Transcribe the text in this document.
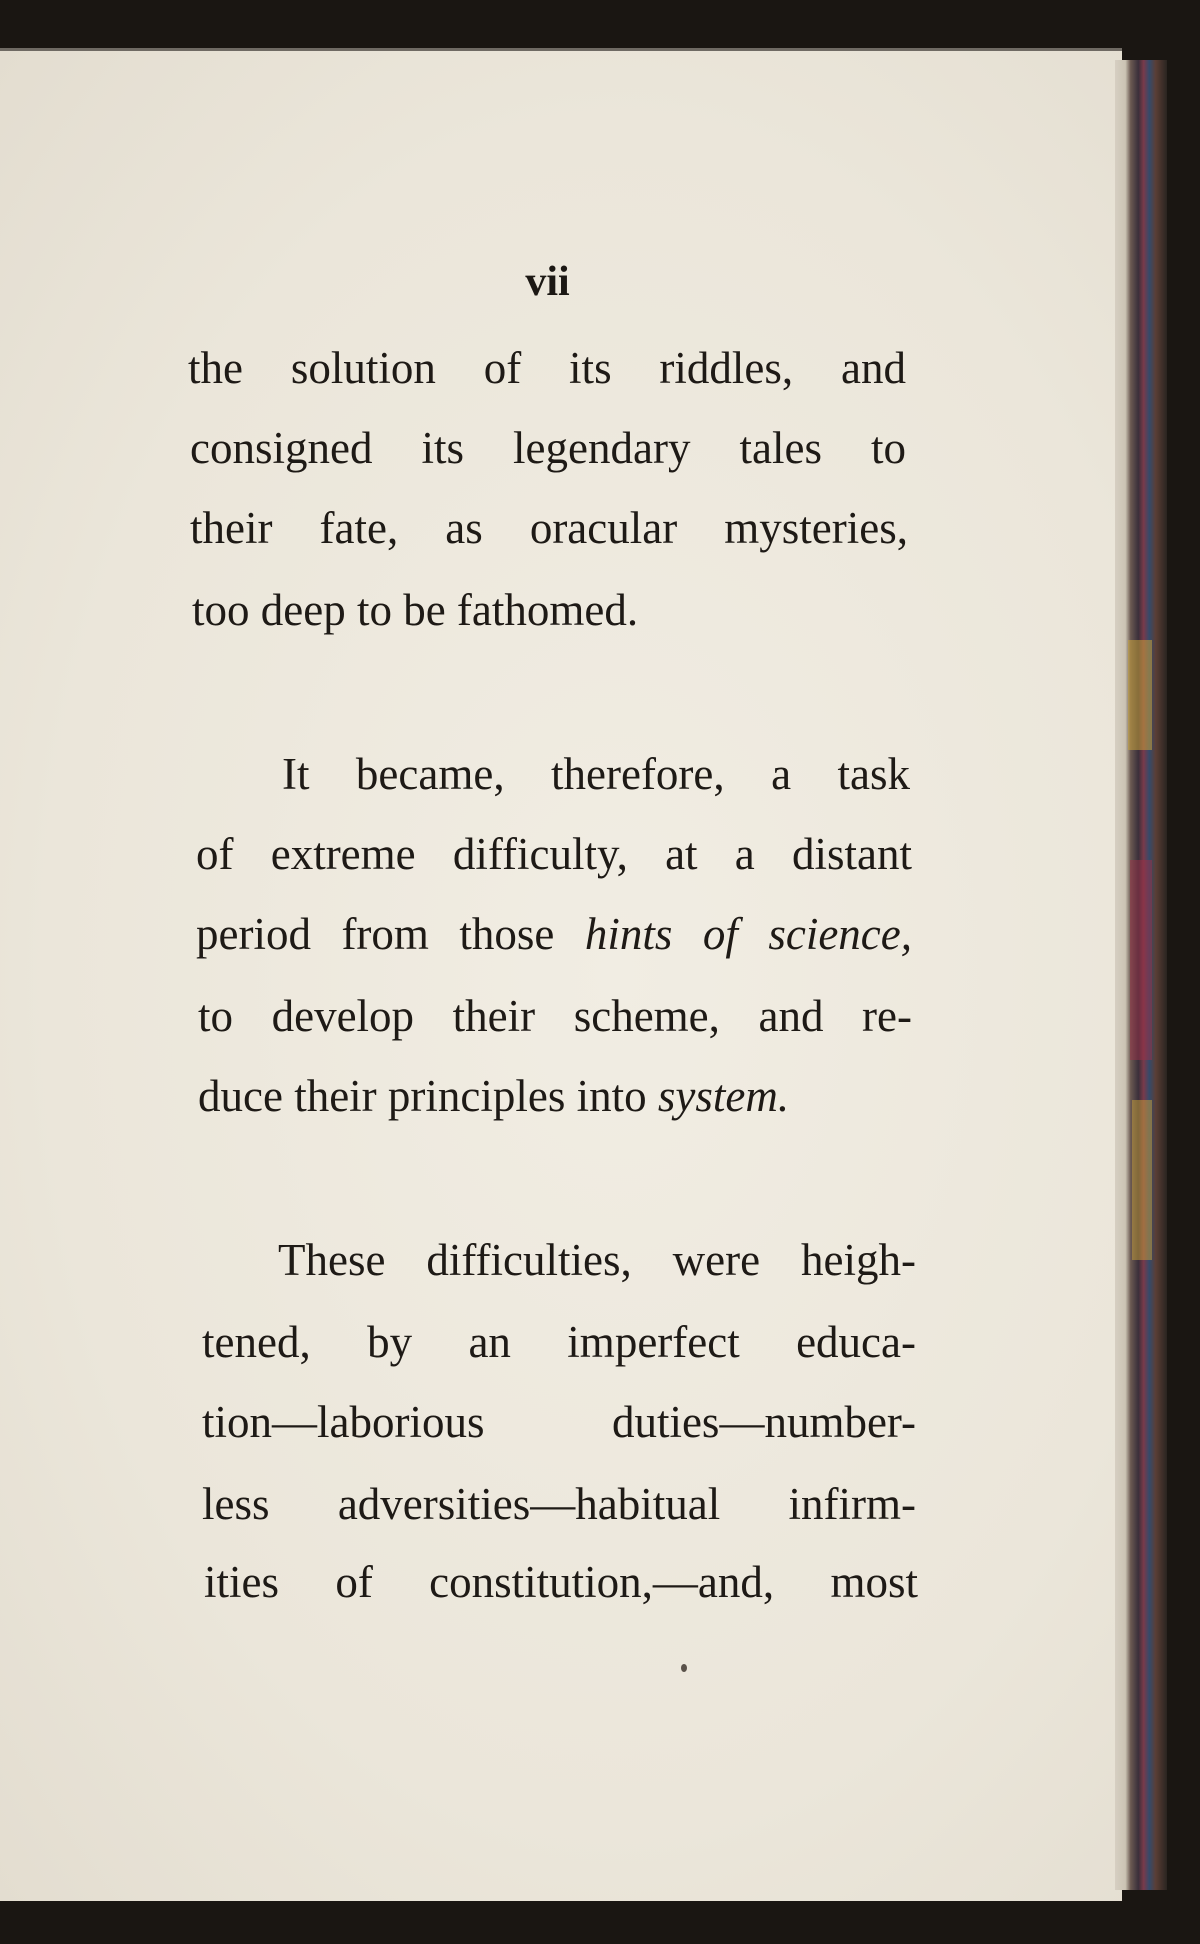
vii
the solution of its riddles, and
consigned its legendary tales to
their fate, as oracular mysteries,
too deep to be fathomed.
It became, therefore, a task
of extreme difficulty, at a distant
period from those hints of science,
to develop their scheme, and re-
duce their principles into system.
These difficulties, were heigh-
tened, by an imperfect educa-
tion—laborious duties—number-
less adversities—habitual infirm-
ities of constitution,—and, most
